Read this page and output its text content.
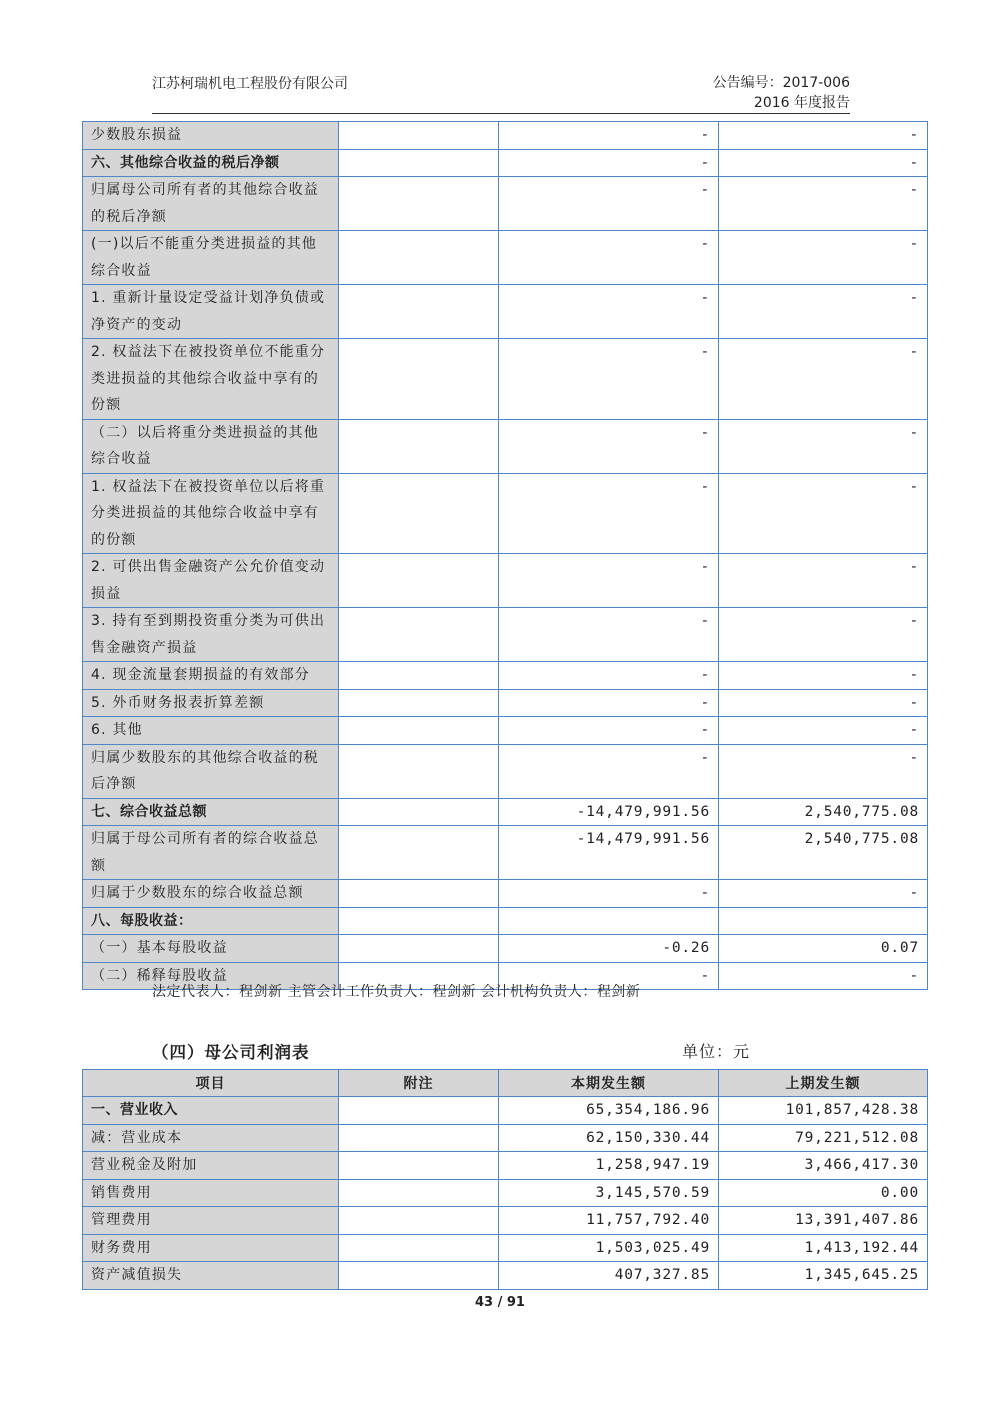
江苏柯瑞机电工程股份有限公司	公告编号：2017-006
2016 年度报告
少数股东损益		-	-
六、其他综合收益的税后净额		-	-
归属母公司所有者的其他综合收益的税后净额		-	-
(一)以后不能重分类进损益的其他综合收益		-	-
1. 重新计量设定受益计划净负债或净资产的变动		-	-
2. 权益法下在被投资单位不能重分类进损益的其他综合收益中享有的份额		-	-
（二）以后将重分类进损益的其他综合收益		-	-
1. 权益法下在被投资单位以后将重分类进损益的其他综合收益中享有的份额		-	-
2. 可供出售金融资产公允价值变动损益		-	-
3. 持有至到期投资重分类为可供出售金融资产损益		-	-
4. 现金流量套期损益的有效部分		-	-
5. 外币财务报表折算差额		-	-
6. 其他		-	-
归属少数股东的其他综合收益的税后净额		-	-
七、综合收益总额		-14,479,991.56	2,540,775.08
归属于母公司所有者的综合收益总额		-14,479,991.56	2,540,775.08
归属于少数股东的综合收益总额		-	-
八、每股收益：			
（一）基本每股收益		-0.26	0.07
（二）稀释每股收益		-	-
法定代表人：程剑新 主管会计工作负责人：程剑新 会计机构负责人：程剑新
（四）母公司利润表	单位：元
项目	附注	本期发生额	上期发生额
一、营业收入		65,354,186.96	101,857,428.38
减：营业成本		62,150,330.44	79,221,512.08
营业税金及附加		1,258,947.19	3,466,417.30
销售费用		3,145,570.59	0.00
管理费用		11,757,792.40	13,391,407.86
财务费用		1,503,025.49	1,413,192.44
资产减值损失		407,327.85	1,345,645.25
43 / 91
